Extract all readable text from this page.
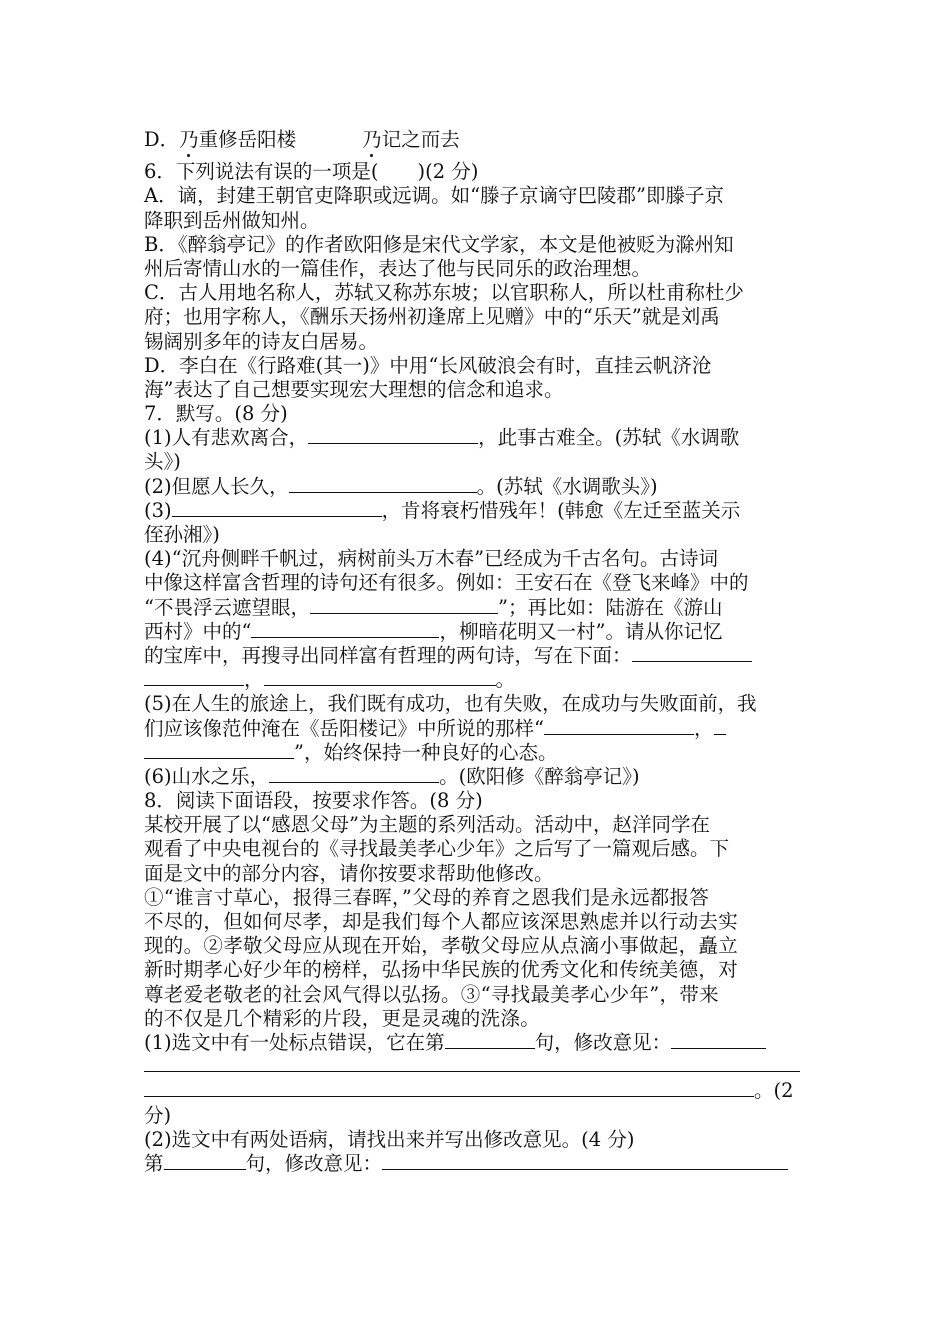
D．乃重修岳阳楼	乃记之而去
6．下列说法有误的一项是(　　)(2 分)
A．谪，封建王朝官吏降职或远调。如“滕子京谪守巴陵郡”即滕子京
降职到岳州做知州。
B．《醉翁亭记》的作者欧阳修是宋代文学家，本文是他被贬为滁州知
州后寄情山水的一篇佳作，表达了他与民同乐的政治理想。
C．古人用地名称人，苏轼又称苏东坡；以官职称人，所以杜甫称杜少
府；也用字称人，《酬乐天扬州初逢席上见赠》中的“乐天”就是刘禹
锡阔别多年的诗友白居易。
D．李白在《行路难(其一)》中用“长风破浪会有时，直挂云帆济沧
海”表达了自己想要实现宏大理想的信念和追求。
7．默写。(8 分)
(1)人有悲欢离合，	，此事古难全。(苏轼《水调歌
头》)
(2)但愿人长久，	。(苏轼《水调歌头》)
(3)	，肯将衰朽惜残年！(韩愈《左迁至蓝关示
侄孙湘》)
(4)“沉舟侧畔千帆过，病树前头万木春”已经成为千古名句。古诗词
中像这样富含哲理的诗句还有很多。例如：王安石在《登飞来峰》中的
“不畏浮云遮望眼，	”；再比如：陆游在《游山
西村》中的“	，柳暗花明又一村”。请从你记忆
的宝库中，再搜寻出同样富有哲理的两句诗，写在下面：
，	。
(5)在人生的旅途上，我们既有成功，也有失败，在成功与失败面前，我
们应该像范仲淹在《岳阳楼记》中所说的那样“	，
”，始终保持一种良好的心态。
(6)山水之乐，	。(欧阳修《醉翁亭记》)
8．阅读下面语段，按要求作答。(8 分)
某校开展了以“感恩父母”为主题的系列活动。活动中，赵洋同学在
观看了中央电视台的《寻找最美孝心少年》之后写了一篇观后感。下
面是文中的部分内容，请你按要求帮助他修改。
①“谁言寸草心，报得三春晖，”父母的养育之恩我们是永远都报答
不尽的，但如何尽孝，却是我们每个人都应该深思熟虑并以行动去实
现的。②孝敬父母应从现在开始，孝敬父母应从点滴小事做起，矗立
新时期孝心好少年的榜样，弘扬中华民族的优秀文化和传统美德，对
尊老爱老敬老的社会风气得以弘扬。③“寻找最美孝心少年”，带来
的不仅是几个精彩的片段，更是灵魂的洗涤。
(1)选文中有一处标点错误，它在第	句，修改意见：
。(2
分)
(2)选文中有两处语病，请找出来并写出修改意见。(4 分)
第	句，修改意见：
